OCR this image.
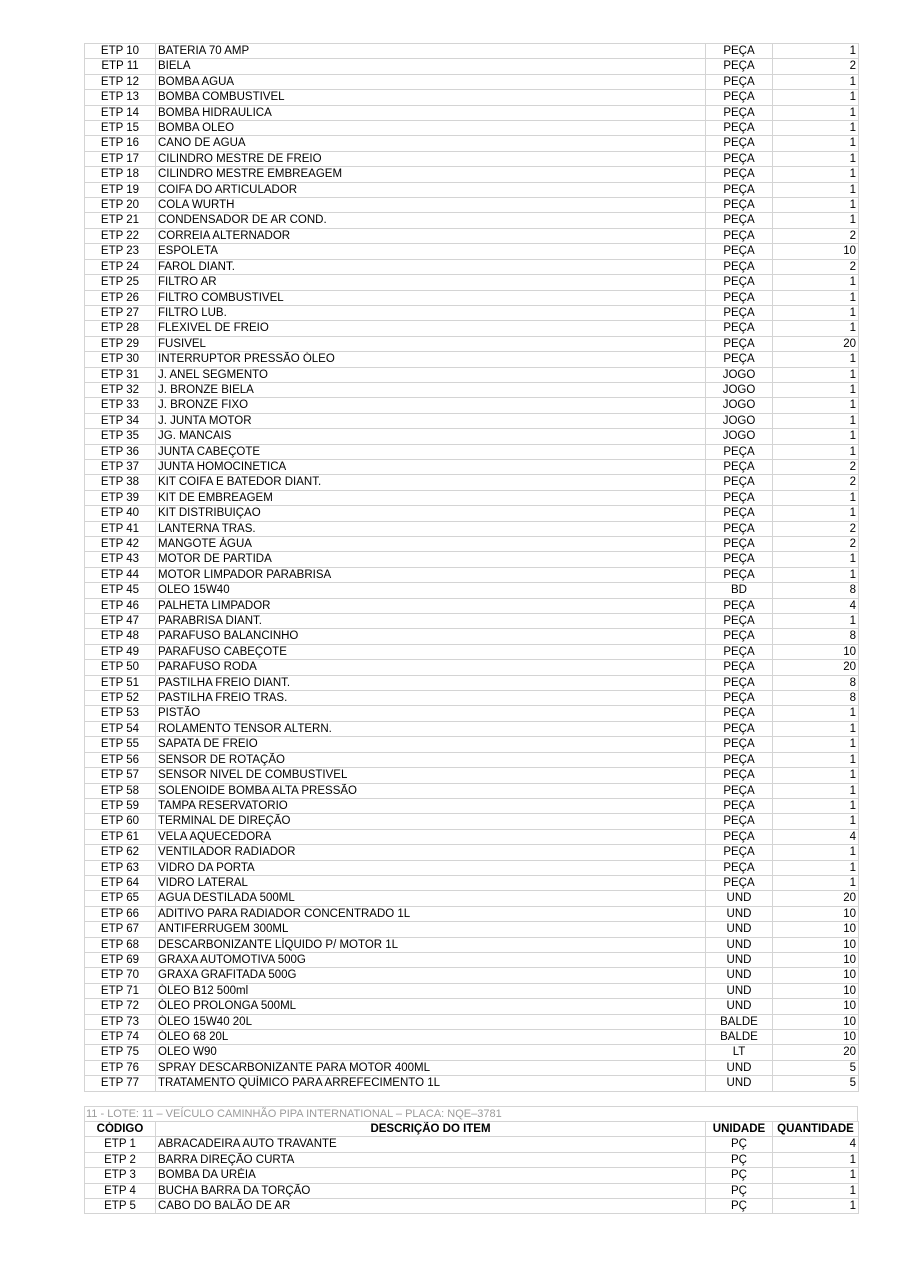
ETP 10	BATERIA 70 AMP	PEÇA	1
ETP 11	BIELA	PEÇA	2
ETP 12	BOMBA AGUA	PEÇA	1
ETP 13	BOMBA COMBUSTIVEL	PEÇA	1
ETP 14	BOMBA HIDRAULICA	PEÇA	1
ETP 15	BOMBA OLEO	PEÇA	1
ETP 16	CANO DE AGUA	PEÇA	1
ETP 17	CILINDRO MESTRE DE FREIO	PEÇA	1
ETP 18	CILINDRO MESTRE EMBREAGEM	PEÇA	1
ETP 19	COIFA DO ARTICULADOR	PEÇA	1
ETP 20	COLA WURTH	PEÇA	1
ETP 21	CONDENSADOR DE AR COND.	PEÇA	1
ETP 22	CORREIA ALTERNADOR	PEÇA	2
ETP 23	ESPOLETA	PEÇA	10
ETP 24	FAROL DIANT.	PEÇA	2
ETP 25	FILTRO AR	PEÇA	1
ETP 26	FILTRO COMBUSTIVEL	PEÇA	1
ETP 27	FILTRO LUB.	PEÇA	1
ETP 28	FLEXIVEL DE FREIO	PEÇA	1
ETP 29	FUSIVEL	PEÇA	20
ETP 30	INTERRUPTOR PRESSÃO ÓLEO	PEÇA	1
ETP 31	J. ANEL SEGMENTO	JOGO	1
ETP 32	J. BRONZE BIELA	JOGO	1
ETP 33	J. BRONZE FIXO	JOGO	1
ETP 34	J. JUNTA MOTOR	JOGO	1
ETP 35	JG. MANCAIS	JOGO	1
ETP 36	JUNTA CABEÇOTE	PEÇA	1
ETP 37	JUNTA HOMOCINETICA	PEÇA	2
ETP 38	KIT COIFA E BATEDOR DIANT.	PEÇA	2
ETP 39	KIT DE EMBREAGEM	PEÇA	1
ETP 40	KIT DISTRIBUIÇAO	PEÇA	1
ETP 41	LANTERNA TRAS.	PEÇA	2
ETP 42	MANGOTE ÁGUA	PEÇA	2
ETP 43	MOTOR DE PARTIDA	PEÇA	1
ETP 44	MOTOR LIMPADOR PARABRISA	PEÇA	1
ETP 45	OLEO 15W40	BD	8
ETP 46	PALHETA LIMPADOR	PEÇA	4
ETP 47	PARABRISA DIANT.	PEÇA	1
ETP 48	PARAFUSO BALANCINHO	PEÇA	8
ETP 49	PARAFUSO CABEÇOTE	PEÇA	10
ETP 50	PARAFUSO RODA	PEÇA	20
ETP 51	PASTILHA FREIO DIANT.	PEÇA	8
ETP 52	PASTILHA FREIO TRAS.	PEÇA	8
ETP 53	PISTÃO	PEÇA	1
ETP 54	ROLAMENTO TENSOR ALTERN.	PEÇA	1
ETP 55	SAPATA DE FREIO	PEÇA	1
ETP 56	SENSOR DE ROTAÇÃO	PEÇA	1
ETP 57	SENSOR NIVEL DE COMBUSTIVEL	PEÇA	1
ETP 58	SOLENOIDE BOMBA ALTA PRESSÃO	PEÇA	1
ETP 59	TAMPA RESERVATORIO	PEÇA	1
ETP 60	TERMINAL DE DIREÇÃO	PEÇA	1
ETP 61	VELA AQUECEDORA	PEÇA	4
ETP 62	VENTILADOR RADIADOR	PEÇA	1
ETP 63	VIDRO DA PORTA	PEÇA	1
ETP 64	VIDRO LATERAL	PEÇA	1
ETP 65	AGUA DESTILADA 500ML	UND	20
ETP 66	ADITIVO PARA RADIADOR CONCENTRADO 1L	UND	10
ETP 67	ANTIFERRUGEM 300ML	UND	10
ETP 68	DESCARBONIZANTE LÍQUIDO P/ MOTOR 1L	UND	10
ETP 69	GRAXA AUTOMOTIVA 500G	UND	10
ETP 70	GRAXA GRAFITADA 500G	UND	10
ETP 71	ÓLEO B12 500ml	UND	10
ETP 72	ÓLEO PROLONGA 500ML	UND	10
ETP 73	ÓLEO 15W40 20L	BALDE	10
ETP 74	ÓLEO 68 20L	BALDE	10
ETP 75	OLEO W90	LT	20
ETP 76	SPRAY DESCARBONIZANTE PARA MOTOR 400ML	UND	5
ETP 77	TRATAMENTO QUÍMICO PARA ARREFECIMENTO 1L	UND	5
11 - LOTE: 11 – VEÍCULO CAMINHÃO PIPA INTERNATIONAL – PLACA: NQE–3781
CÓDIGO	DESCRIÇÃO DO ITEM	UNIDADE	QUANTIDADE
ETP 1	ABRACADEIRA AUTO TRAVANTE	PÇ	4
ETP 2	BARRA DIREÇÃO CURTA	PÇ	1
ETP 3	BOMBA DA URÉIA	PÇ	1
ETP 4	BUCHA BARRA DA TORÇÃO	PÇ	1
ETP 5	CABO DO BALÃO DE AR	PÇ	1
